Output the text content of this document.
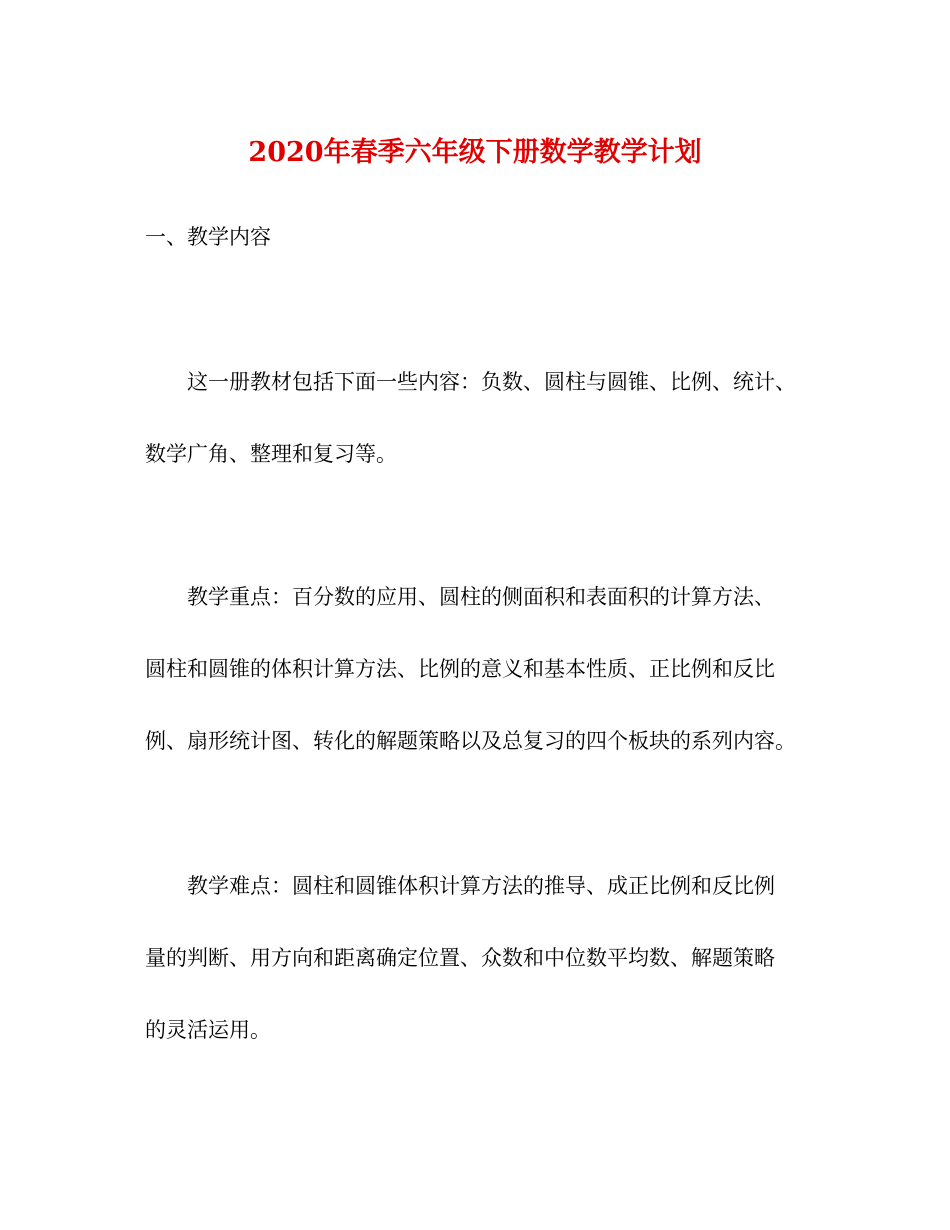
2020年春季六年级下册数学教学计划
一、教学内容
这一册教材包括下面一些内容：负数、圆柱与圆锥、比例、统计、
数学广角、整理和复习等。
教学重点：百分数的应用、圆柱的侧面积和表面积的计算方法、
圆柱和圆锥的体积计算方法、比例的意义和基本性质、正比例和反比
例、扇形统计图、转化的解题策略以及总复习的四个板块的系列内容。
教学难点：圆柱和圆锥体积计算方法的推导、成正比例和反比例
量的判断、用方向和距离确定位置、众数和中位数平均数、解题策略
的灵活运用。
